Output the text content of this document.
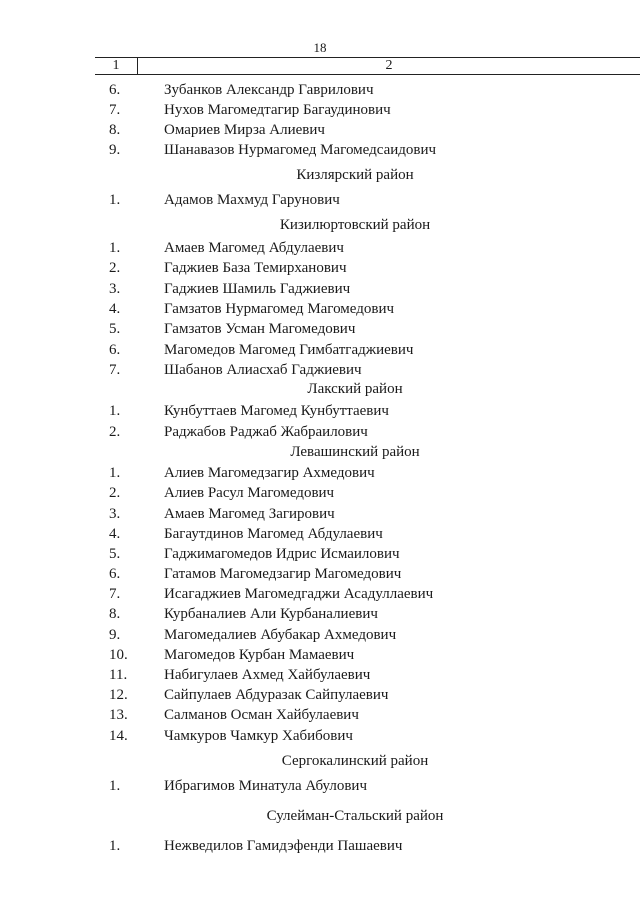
18
1	2
6.	Зубанков Александр Гаврилович
7.	Нухов Магомедтагир Багаудинович
8.	Омариев Мирза Алиевич
9.	Шанавазов Нурмагомед Магомедсаидович
Кизлярский район
1.	Адамов Махмуд Гарунович
Кизилюртовский район
1.	Амаев Магомед Абдулаевич
2.	Гаджиев База Темирханович
3.	Гаджиев Шамиль Гаджиевич
4.	Гамзатов Нурмагомед Магомедович
5.	Гамзатов Усман Магомедович
6.	Магомедов Магомед Гимбатгаджиевич
7.	Шабанов Алиасхаб Гаджиевич
Лакский район
1.	Кунбуттаев Магомед Кунбуттаевич
2.	Раджабов Раджаб Жабраилович
Левашинский район
1.	Алиев Магомедзагир Ахмедович
2.	Алиев Расул Магомедович
3.	Амаев Магомед Загирович
4.	Багаутдинов Магомед Абдулаевич
5.	Гаджимагомедов Идрис Исмаилович
6.	Гатамов Магомедзагир Магомедович
7.	Исагаджиев Магомедгаджи Асадуллаевич
8.	Курбаналиев Али Курбаналиевич
9.	Магомедалиев Абубакар Ахмедович
10. Магомедов Курбан Мамаевич
11. Набигулаев Ахмед Хайбулаевич
12. Сайпулаев Абдуразак Сайпулаевич
13. Салманов Осман Хайбулаевич
14. Чамкуров Чамкур Хабибович
Сергокалинский район
1.	Ибрагимов Минатула Абулович
Сулейман-Стальский район
1.	Нежведилов Гамидэфенди Пашаевич
